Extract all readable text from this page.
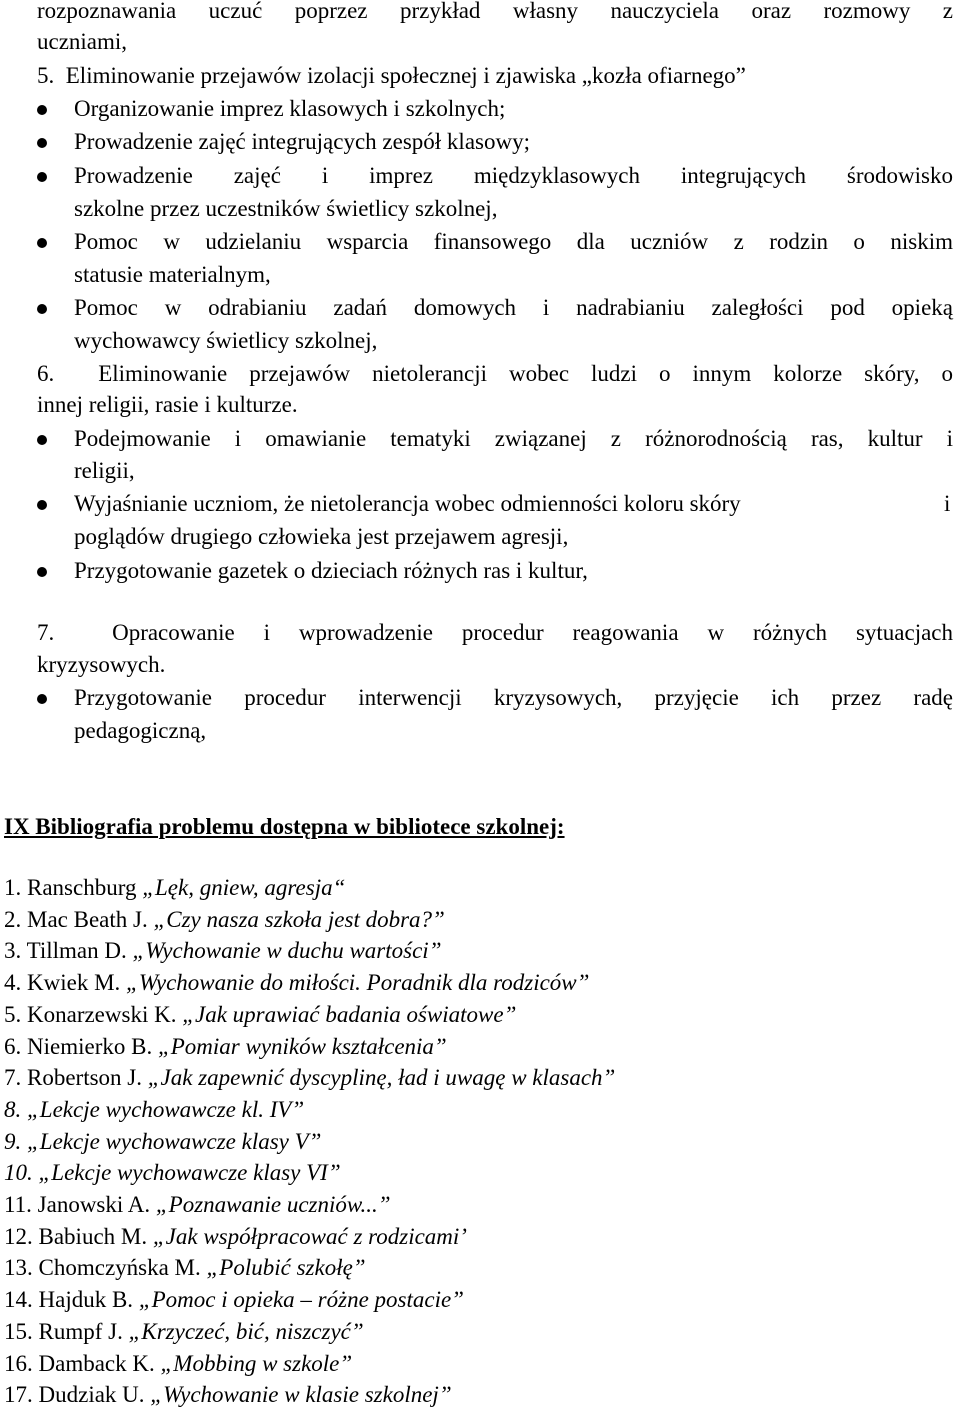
rozpoznawania uczuć poprzez przykład własny nauczyciela oraz rozmowy z
uczniami,
5. Eliminowanie przejawów izolacji społecznej i zjawiska „kozła ofiarnego”
Organizowanie imprez klasowych i szkolnych;
Prowadzenie zajęć integrujących zespół klasowy;
Prowadzenie zajęć i imprez międzyklasowych integrujących środowisko
szkolne przez uczestników świetlicy szkolnej,
Pomoc w udzielaniu wsparcia finansowego dla uczniów z rodzin o niskim
statusie materialnym,
Pomoc w odrabianiu zadań domowych i nadrabianiu zaległości pod opieką
wychowawcy świetlicy szkolnej,
6. Eliminowanie przejawów nietolerancji wobec ludzi o innym kolorze skóry, o
innej religii, rasie i kulturze.
Podejmowanie i omawianie tematyki związanej z różnorodnością ras, kultur i
religii,
Wyjaśnianie uczniom, że nietolerancja wobec odmienności koloru skóry	i
poglądów drugiego człowieka jest przejawem agresji,
Przygotowanie gazetek o dzieciach różnych ras i kultur,
7.	Opracowanie i wprowadzenie procedur reagowania w różnych sytuacjach
kryzysowych.
Przygotowanie procedur interwencji kryzysowych, przyjęcie ich przez radę
pedagogiczną,
IX Bibliografia problemu dostępna w bibliotece szkolnej:
1. Ranschburg „Lęk, gniew, agresja“
2. Mac Beath J. „Czy nasza szkoła jest dobra?”
3. Tillman D. „Wychowanie w duchu wartości”
4. Kwiek M. „Wychowanie do miłości. Poradnik dla rodziców”
5. Konarzewski K. „Jak uprawiać badania oświatowe”
6. Niemierko B. „Pomiar wyników kształcenia”
7. Robertson J. „Jak zapewnić dyscyplinę, ład i uwagę w klasach”
8. „Lekcje wychowawcze kl. IV”
9. „Lekcje wychowawcze klasy V”
10. „Lekcje wychowawcze klasy VI”
11. Janowski A. „Poznawanie uczniów...”
12. Babiuch M. „Jak współpracować z rodzicami’
13. Chomczyńska M. „Polubić szkołę”
14. Hajduk B. „Pomoc i opieka – różne postacie”
15. Rumpf J. „Krzyczeć, bić, niszczyć”
16. Damback K. „Mobbing w szkole”
17. Dudziak U. „Wychowanie w klasie szkolnej”
